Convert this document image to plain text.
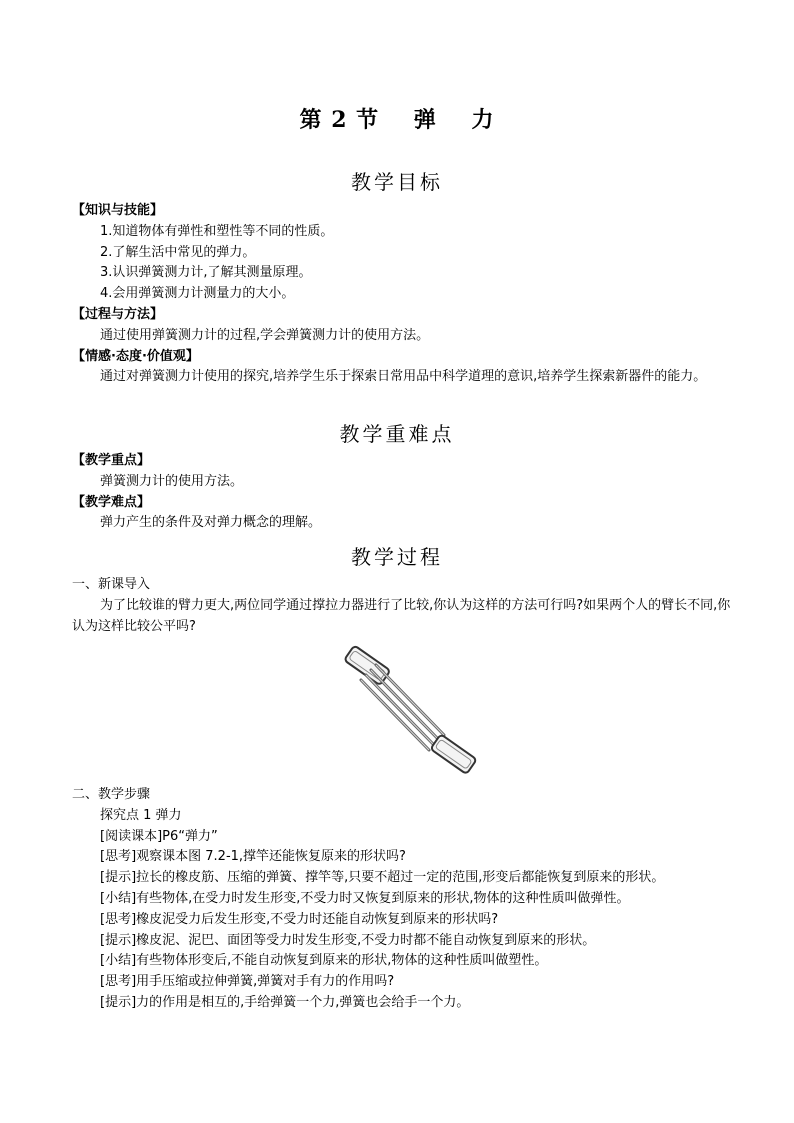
第 2 节    弹    力
教学目标
【知识与技能】
1.知道物体有弹性和塑性等不同的性质。
2.了解生活中常见的弹力。
3.认识弹簧测力计,了解其测量原理。
4.会用弹簧测力计测量力的大小。
【过程与方法】
通过使用弹簧测力计的过程,学会弹簧测力计的使用方法。
【情感·态度·价值观】
通过对弹簧测力计使用的探究,培养学生乐于探索日常用品中科学道理的意识,培养学生探索新器件的能力。
教学重难点
【教学重点】
弹簧测力计的使用方法。
【教学难点】
弹力产生的条件及对弹力概念的理解。
教学过程
一、新课导入
为了比较谁的臂力更大,两位同学通过撑拉力器进行了比较,你认为这样的方法可行吗?如果两个人的臂长不同,你认为这样比较公平吗?
二、教学步骤
探究点 1 弹力
[阅读课本]P6“弹力”
[思考]观察课本图 7.2-1,撑竿还能恢复原来的形状吗?
[提示]拉长的橡皮筋、压缩的弹簧、撑竿等,只要不超过一定的范围,形变后都能恢复到原来的形状。
[小结]有些物体,在受力时发生形变,不受力时又恢复到原来的形状,物体的这种性质叫做弹性。
[思考]橡皮泥受力后发生形变,不受力时还能自动恢复到原来的形状吗?
[提示]橡皮泥、泥巴、面团等受力时发生形变,不受力时都不能自动恢复到原来的形状。
[小结]有些物体形变后,不能自动恢复到原来的形状,物体的这种性质叫做塑性。
[思考]用手压缩或拉伸弹簧,弹簧对手有力的作用吗?
[提示]力的作用是相互的,手给弹簧一个力,弹簧也会给手一个力。
